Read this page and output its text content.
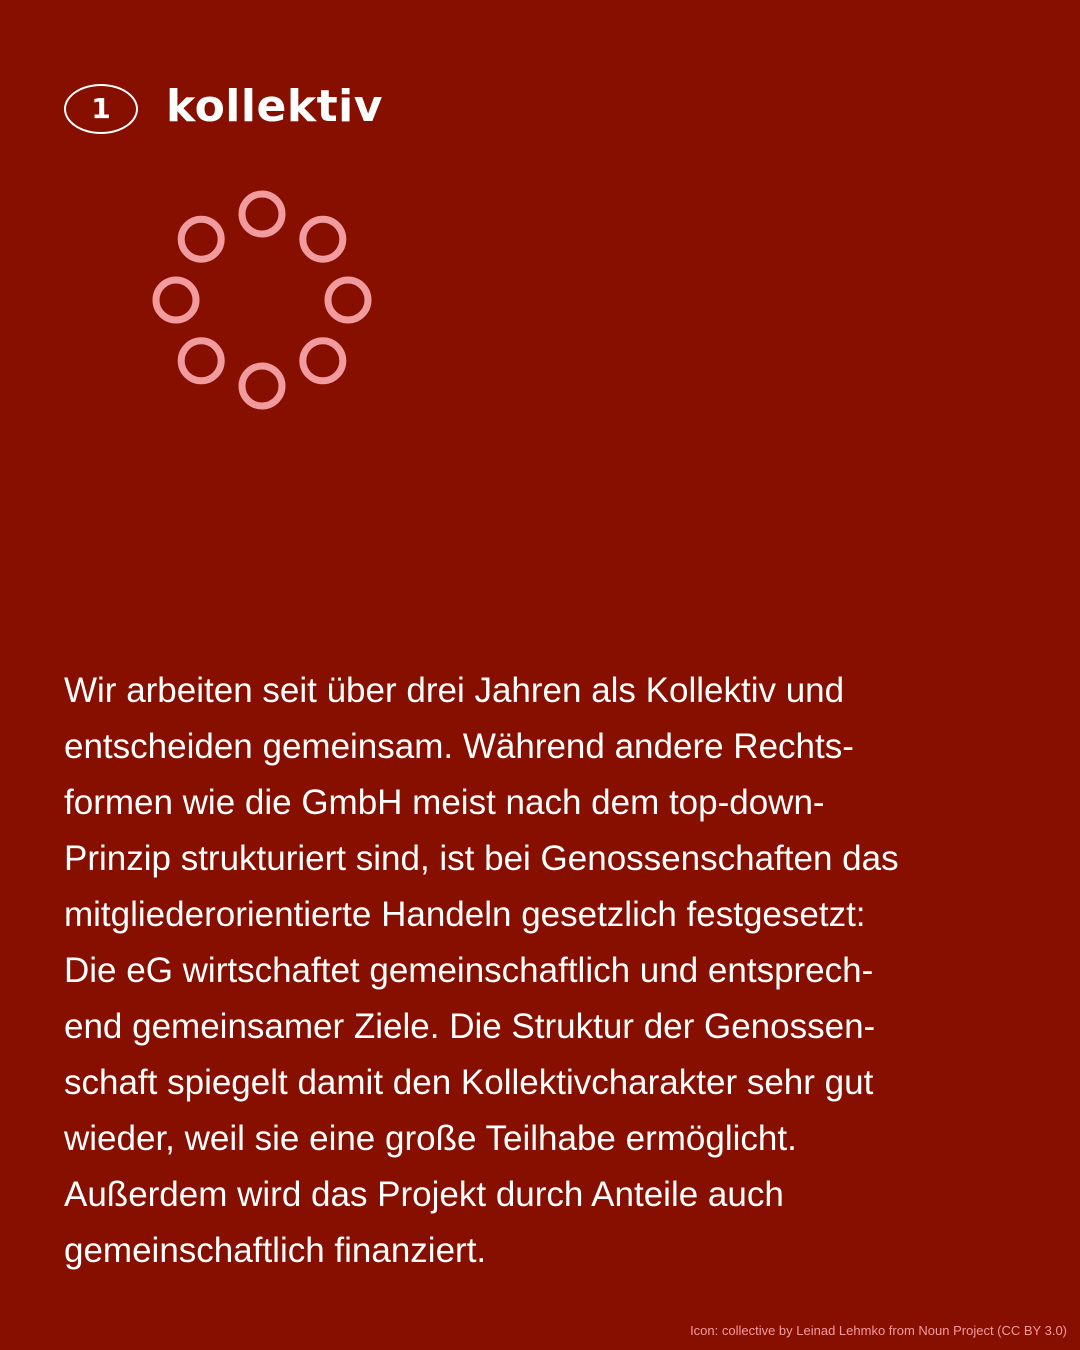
1 kollektiv

Wir arbeiten seit über drei Jahren als Kollektiv und
entscheiden gemeinsam. Während andere Rechts-
formen wie die GmbH meist nach dem top-down-
Prinzip strukturiert sind, ist bei Genossenschaften das
mitgliederorientierte Handeln gesetzlich festgesetzt:
Die eG wirtschaftet gemeinschaftlich und entsprech-
end gemeinsamer Ziele. Die Struktur der Genossen-
schaft spiegelt damit den Kollektivcharakter sehr gut
wieder, weil sie eine große Teilhabe ermöglicht.
Außerdem wird das Projekt durch Anteile auch
gemeinschaftlich finanziert.

Icon: collective by Leinad Lehmko from Noun Project (CC BY 3.0)
